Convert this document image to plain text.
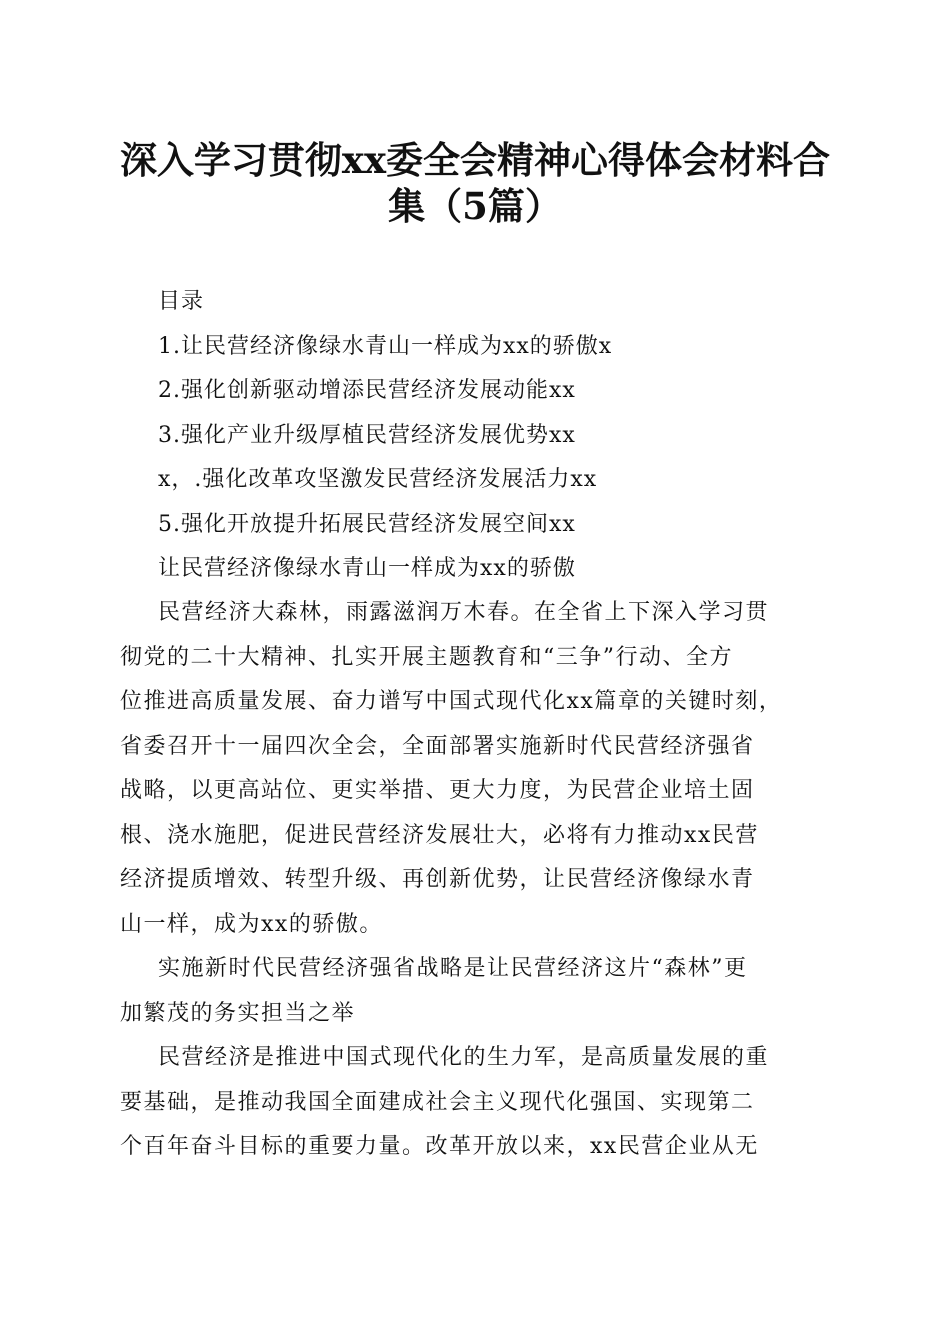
深入学习贯彻xx委全会精神心得体会材料合
集（5篇）
目录
1.让民营经济像绿水青山一样成为xx的骄傲x
2.强化创新驱动增添民营经济发展动能xx
3.强化产业升级厚植民营经济发展优势xx
x，.强化改革攻坚激发民营经济发展活力xx
5.强化开放提升拓展民营经济发展空间xx
让民营经济像绿水青山一样成为xx的骄傲
民营经济大森林，雨露滋润万木春。在全省上下深入学习贯
彻党的二十大精神、扎实开展主题教育和“三争”行动、全方
位推进高质量发展、奋力谱写中国式现代化xx篇章的关键时刻，
省委召开十一届四次全会，全面部署实施新时代民营经济强省
战略，以更高站位、更实举措、更大力度，为民营企业培土固
根、浇水施肥，促进民营经济发展壮大，必将有力推动xx民营
经济提质增效、转型升级、再创新优势，让民营经济像绿水青
山一样，成为xx的骄傲。
实施新时代民营经济强省战略是让民营经济这片“森林”更
加繁茂的务实担当之举
民营经济是推进中国式现代化的生力军，是高质量发展的重
要基础，是推动我国全面建成社会主义现代化强国、实现第二
个百年奋斗目标的重要力量。改革开放以来，xx民营企业从无
